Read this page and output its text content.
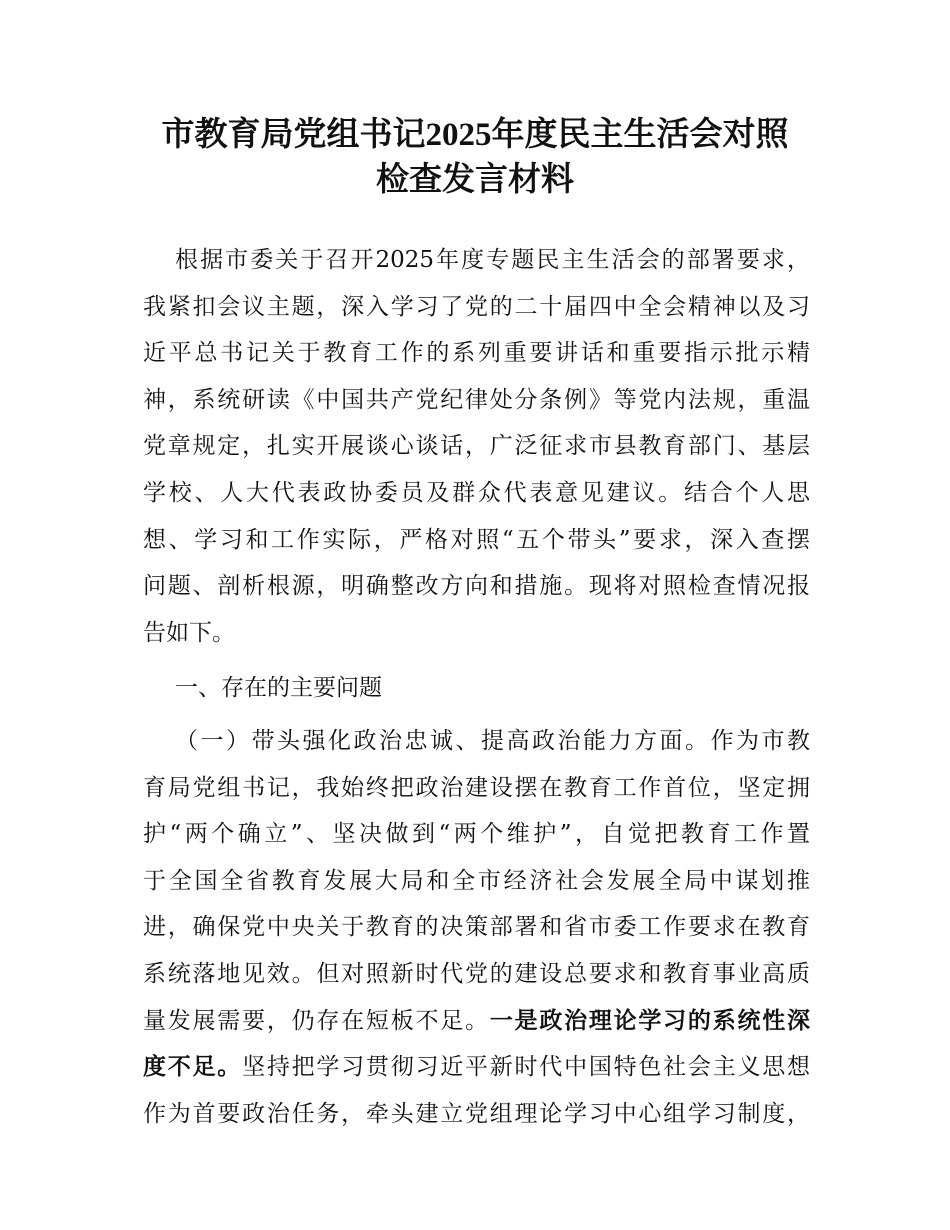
市教育局党组书记2025年度民主生活会对照
检查发言材料
根据市委关于召开2025年度专题民主生活会的部署要求，
我紧扣会议主题，深入学习了党的二十届四中全会精神以及习
近平总书记关于教育工作的系列重要讲话和重要指示批示精
神，系统研读《中国共产党纪律处分条例》等党内法规，重温
党章规定，扎实开展谈心谈话，广泛征求市县教育部门、基层
学校、人大代表政协委员及群众代表意见建议。结合个人思
想、学习和工作实际，严格对照“五个带头”要求，深入查摆
问题、剖析根源，明确整改方向和措施。现将对照检查情况报
告如下。
一、存在的主要问题
（一）带头强化政治忠诚、提高政治能力方面。作为市教
育局党组书记，我始终把政治建设摆在教育工作首位，坚定拥
护“两个确立”、坚决做到“两个维护”，自觉把教育工作置
于全国全省教育发展大局和全市经济社会发展全局中谋划推
进，确保党中央关于教育的决策部署和省市委工作要求在教育
系统落地见效。但对照新时代党的建设总要求和教育事业高质
量发展需要，仍存在短板不足。一是政治理论学习的系统性深
度不足。坚持把学习贯彻习近平新时代中国特色社会主义思想
作为首要政治任务，牵头建立党组理论学习中心组学习制度，
